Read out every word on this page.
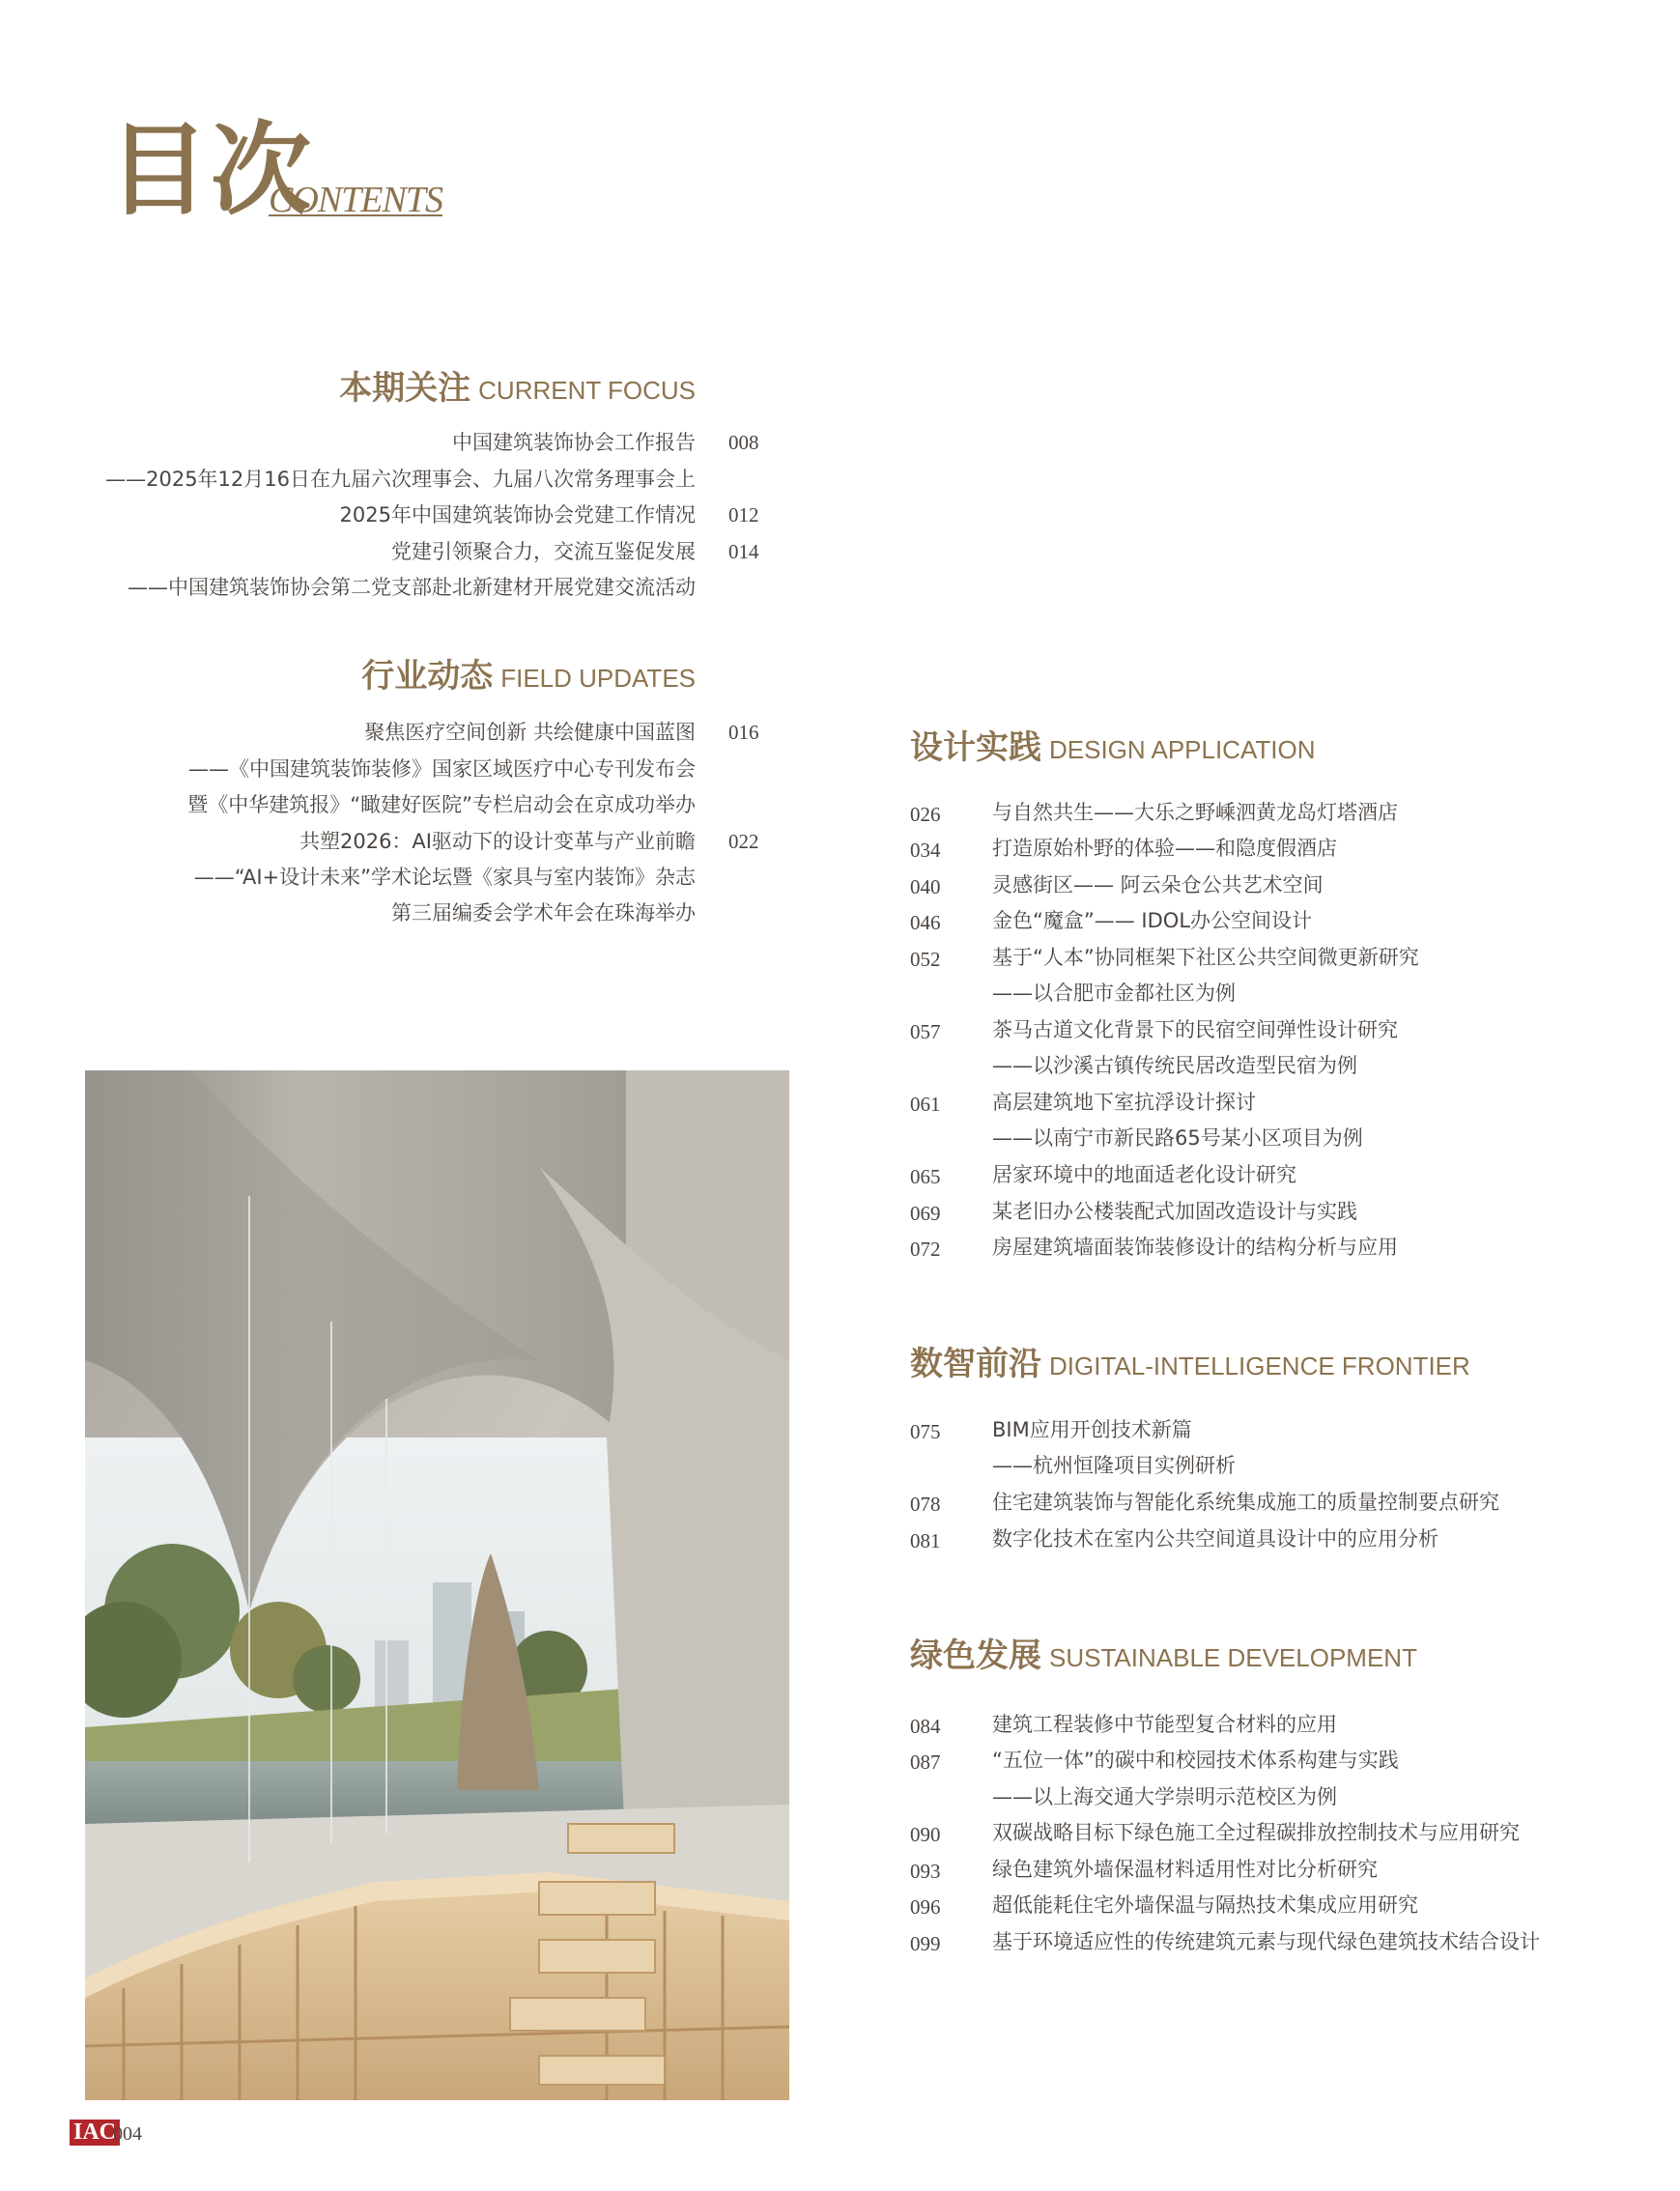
目次
CONTENTS
本期关注 CURRENT FOCUS
中国建筑装饰协会工作报告 008
——2025年12月16日在九届六次理事会、九届八次常务理事会上
2025年中国建筑装饰协会党建工作情况 012
党建引领聚合力，交流互鉴促发展 014
——中国建筑装饰协会第二党支部赴北新建材开展党建交流活动
行业动态 FIELD UPDATES
聚焦医疗空间创新 共绘健康中国蓝图 016
——《中国建筑装饰装修》国家区域医疗中心专刊发布会
暨《中华建筑报》“瞰建好医院”专栏启动会在京成功举办
共塑2026：AI驱动下的设计变革与产业前瞻 022
——“AI+设计未来”学术论坛暨《家具与室内装饰》杂志
第三届编委会学术年会在珠海举办
设计实践 DESIGN APPLICATION
026	与自然共生——大乐之野嵊泗黄龙岛灯塔酒店
034	打造原始朴野的体验——和隐度假酒店
040	灵感街区—— 阿云朵仓公共艺术空间
046	金色“魔盒”—— IDOL办公空间设计
052	基于“人本”协同框架下社区公共空间微更新研究
——以合肥市金都社区为例
057	茶马古道文化背景下的民宿空间弹性设计研究
——以沙溪古镇传统民居改造型民宿为例
061	高层建筑地下室抗浮设计探讨
——以南宁市新民路65号某小区项目为例
065	居家环境中的地面适老化设计研究
069	某老旧办公楼装配式加固改造设计与实践
072	房屋建筑墙面装饰装修设计的结构分析与应用
数智前沿 DIGITAL-INTELLIGENCE FRONTIER
075	BIM应用开创技术新篇
——杭州恒隆项目实例研析
078	住宅建筑装饰与智能化系统集成施工的质量控制要点研究
081	数字化技术在室内公共空间道具设计中的应用分析
绿色发展 SUSTAINABLE DEVELOPMENT
084	建筑工程装修中节能型复合材料的应用
087	“五位一体”的碳中和校园技术体系构建与实践
——以上海交通大学崇明示范校区为例
090	双碳战略目标下绿色施工全过程碳排放控制技术与应用研究
093	绿色建筑外墙保温材料适用性对比分析研究
096	超低能耗住宅外墙保温与隔热技术集成应用研究
099	基于环境适应性的传统建筑元素与现代绿色建筑技术结合设计
IAC
004
